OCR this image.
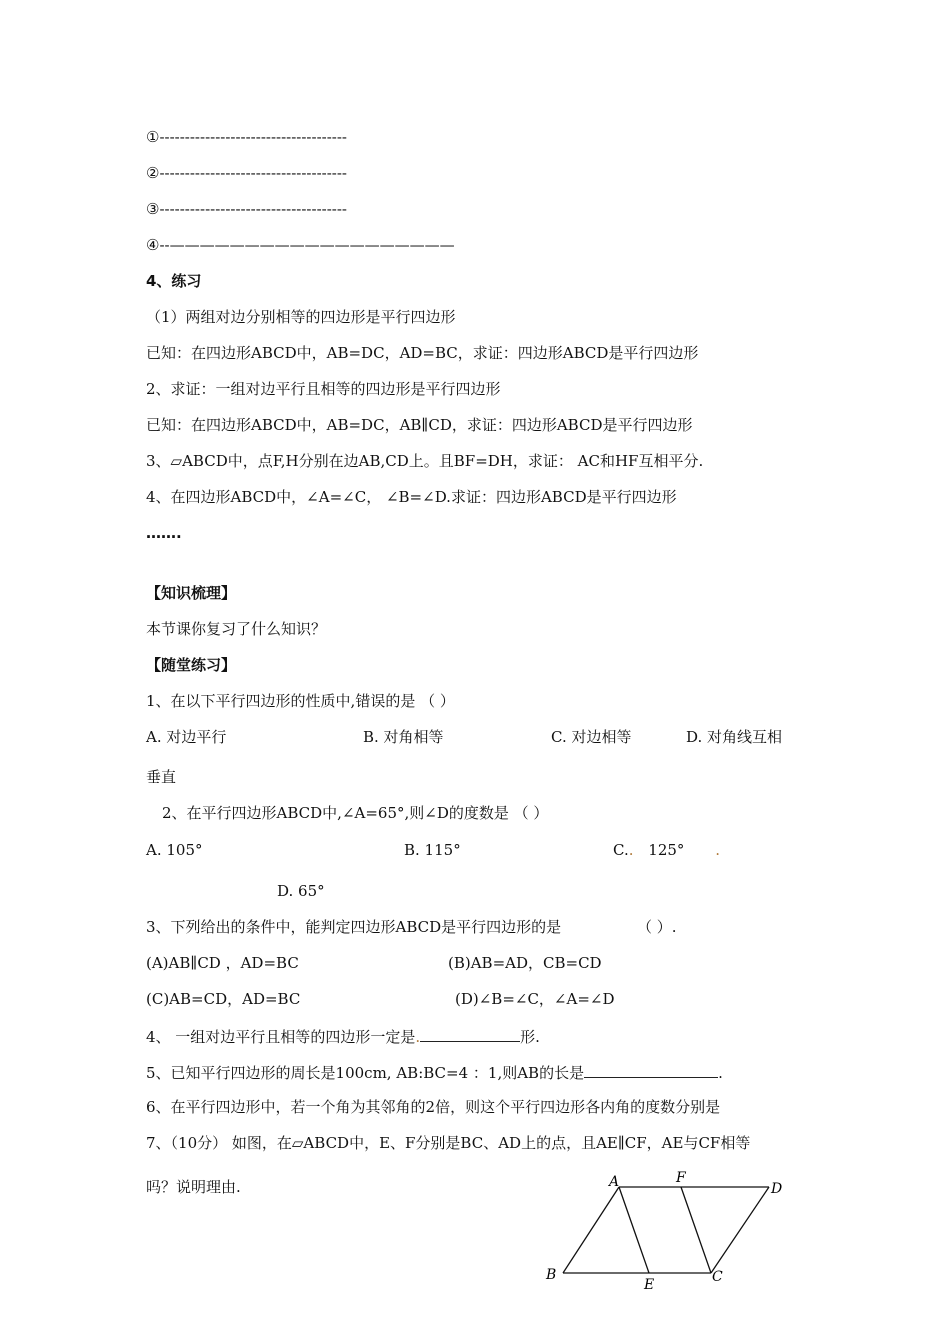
①-------------------------------------
②-------------------------------------
③-------------------------------------
④--———————————————————
4、练习
（1）两组对边分别相等的四边形是平行四边形
已知：在四边形ABCD中，AB=DC，AD=BC，求证：四边形ABCD是平行四边形
2、求证：一组对边平行且相等的四边形是平行四边形
已知：在四边形ABCD中，AB=DC，AB∥CD，求证：四边形ABCD是平行四边形
3、▱ABCD中，点F,H分别在边AB,CD上。且BF=DH，求证： AC和HF互相平分.
4、在四边形ABCD中，∠A=∠C， ∠B=∠D.求证：四边形ABCD是平行四边形
…….
【知识梳理】
本节课你复习了什么知识？
【随堂练习】
1、在以下平行四边形的性质中,错误的是 （ ）
A. 对边平行	B. 对角相等	C. 对边相等	D. 对角线互相
垂直
2、在平行四边形ABCD中,∠A=65°,则∠D的度数是 （ ）
A. 105°	B. 115°	C.. 125° .
D. 65°
3、下列给出的条件中，能判定四边形ABCD是平行四边形的是	（ ）.
(A)AB∥CD ，AD=BC	(B)AB=AD，CB=CD
(C)AB=CD，AD=BC	(D)∠B=∠C，∠A=∠D
4、 一组对边平行且相等的四边形一定是.	形.
5、已知平行四边形的周长是100cm, AB:BC=4 ：1,则AB的长是	.
6、在平行四边形中，若一个角为其邻角的2倍，则这个平行四边形各内角的度数分别是
7、（10分） 如图，在▱ABCD中，E、F分别是BC、AD上的点，且AE∥CF，AE与CF相等
吗？说明理由.	A	F
D
B
E	C
